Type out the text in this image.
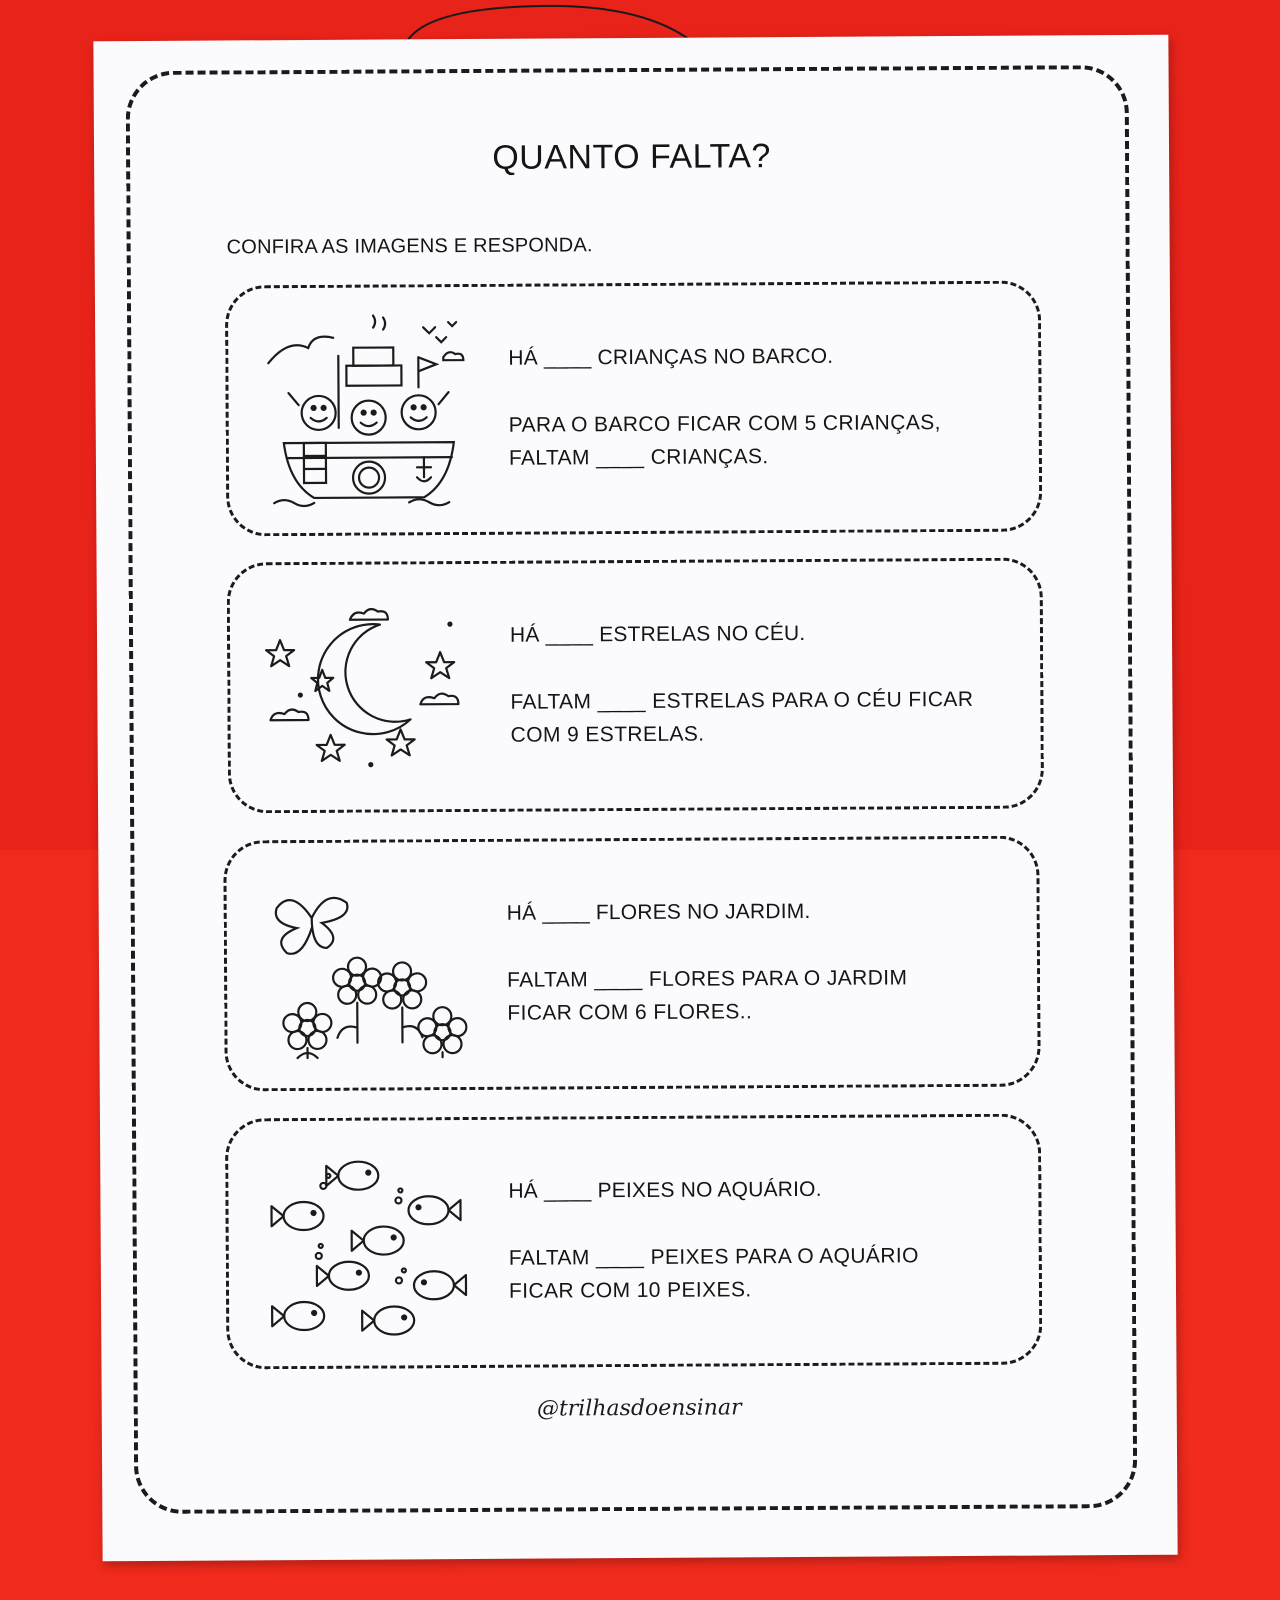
QUANTO FALTA?
CONFIRA AS IMAGENS E RESPONDA.
HÁ ____ CRIANÇAS NO BARCO.
PARA O BARCO FICAR COM 5 CRIANÇAS, FALTAM ____ CRIANÇAS.
HÁ ____ ESTRELAS NO CÉU.
FALTAM ____ ESTRELAS PARA O CÉU FICAR COM 9 ESTRELAS.
HÁ ____ FLORES NO JARDIM.
FALTAM ____ FLORES PARA O JARDIM FICAR COM 6 FLORES..
HÁ ____ PEIXES NO AQUÁRIO.
FALTAM ____ PEIXES PARA O AQUÁRIO FICAR COM 10 PEIXES.
@trilhasdoensinar
